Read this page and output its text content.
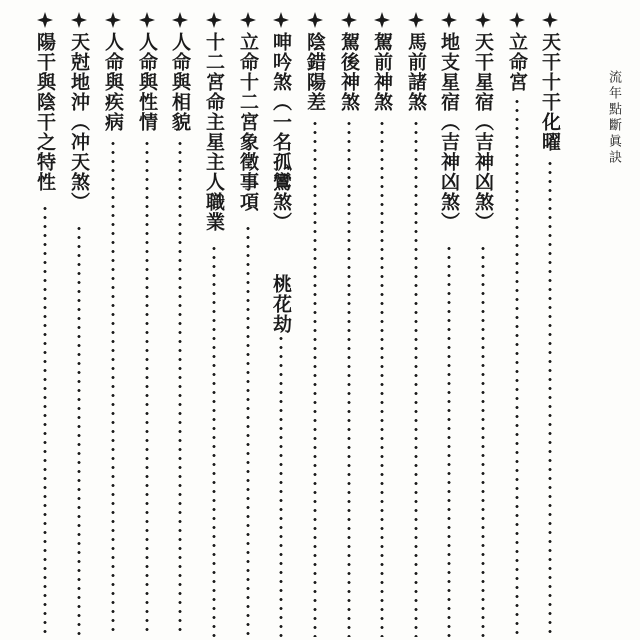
流年點斷眞訣
天干十干化曜
立命宮
天干星宿（吉神凶煞）
地支星宿（吉神凶煞）
馬前諸煞
駕前神煞
駕後神煞
陰錯陽差
呻吟煞（一名孤鸞煞）
桃花劫
立命十二宮象徵事項
十二宮命主星主人職業
人命與相貌
人命與性情
人命與疾病
天尅地沖（冲天煞）
陽干與陰干之特性
